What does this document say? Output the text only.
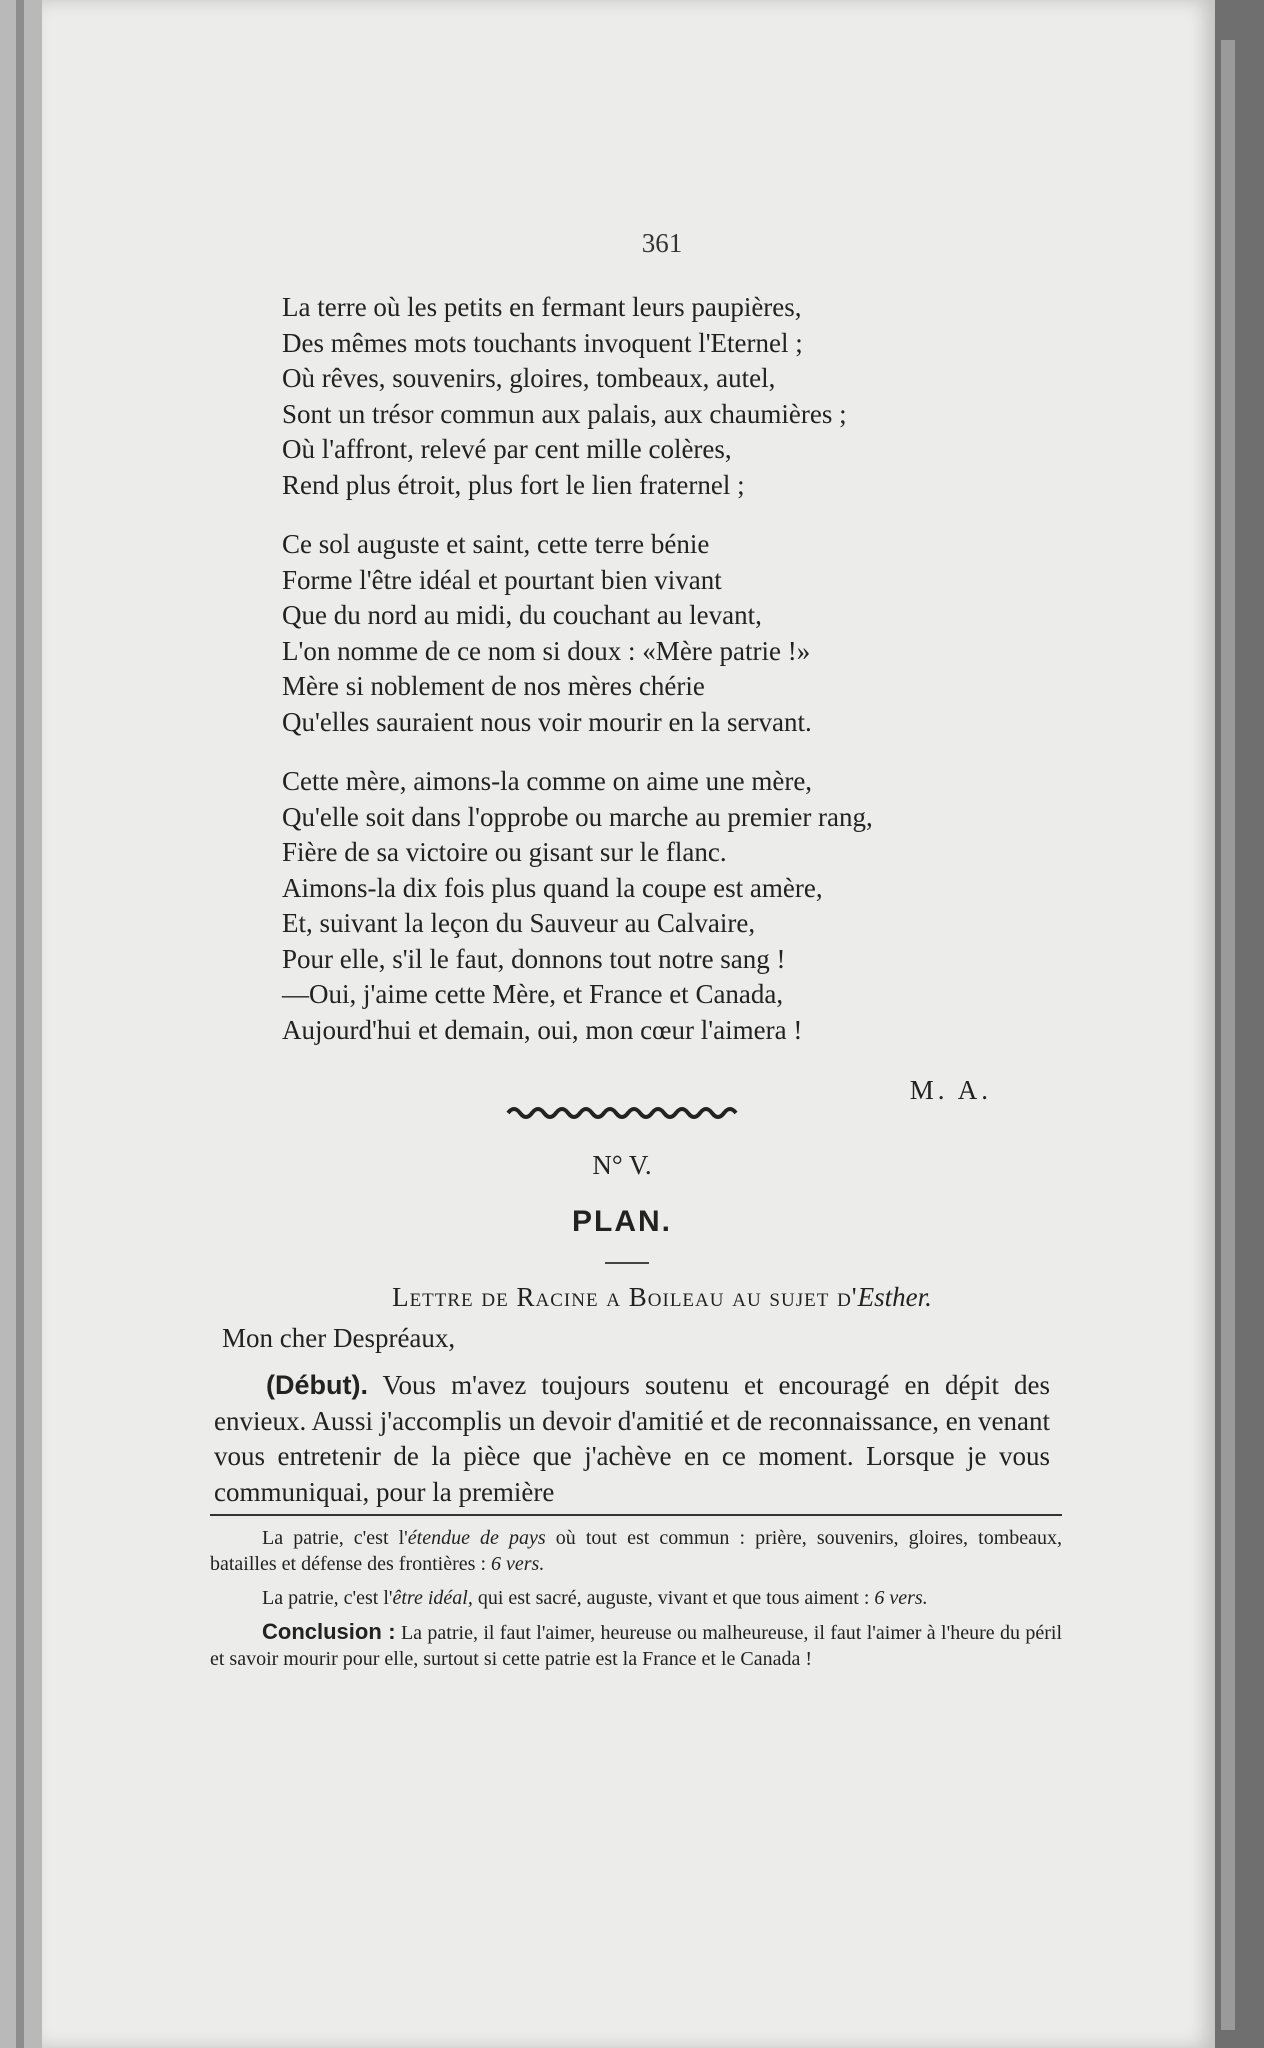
361
La terre où les petits en fermant leurs paupières,
Des mêmes mots touchants invoquent l'Eternel ;
Où rêves, souvenirs, gloires, tombeaux, autel,
Sont un trésor commun aux palais, aux chaumières ;
Où l'affront, relevé par cent mille colères,
Rend plus étroit, plus fort le lien fraternel ;
Ce sol auguste et saint, cette terre bénie
Forme l'être idéal et pourtant bien vivant
Que du nord au midi, du couchant au levant,
L'on nomme de ce nom si doux : «Mère patrie !»
Mère si noblement de nos mères chérie
Qu'elles sauraient nous voir mourir en la servant.
Cette mère, aimons-la comme on aime une mère,
Qu'elle soit dans l'opprobe ou marche au premier rang,
Fière de sa victoire ou gisant sur le flanc.
Aimons-la dix fois plus quand la coupe est amère,
Et, suivant la leçon du Sauveur au Calvaire,
Pour elle, s'il le faut, donnons tout notre sang !
—Oui, j'aime cette Mère, et France et Canada,
Aujourd'hui et demain, oui, mon cœur l'aimera !
M. A.
N° V.
PLAN.
Lettre de Racine a Boileau au sujet d'Esther.
Mon cher Despréaux,
(Début). Vous m'avez toujours soutenu et encouragé en dépit des envieux. Aussi j'accomplis un devoir d'amitié et de reconnaissance, en venant vous entretenir de la pièce que j'achève en ce moment. Lorsque je vous communiquai, pour la première

La patrie, c'est l'étendue de pays où tout est commun : prière, souvenirs, gloires, tombeaux, batailles et défense des frontières : 6 vers.

La patrie, c'est l'être idéal, qui est sacré, auguste, vivant et que tous aiment : 6 vers.

Conclusion : La patrie, il faut l'aimer, heureuse ou malheureuse, il faut l'aimer à l'heure du péril et savoir mourir pour elle, surtout si cette patrie est la France et le Canada !
